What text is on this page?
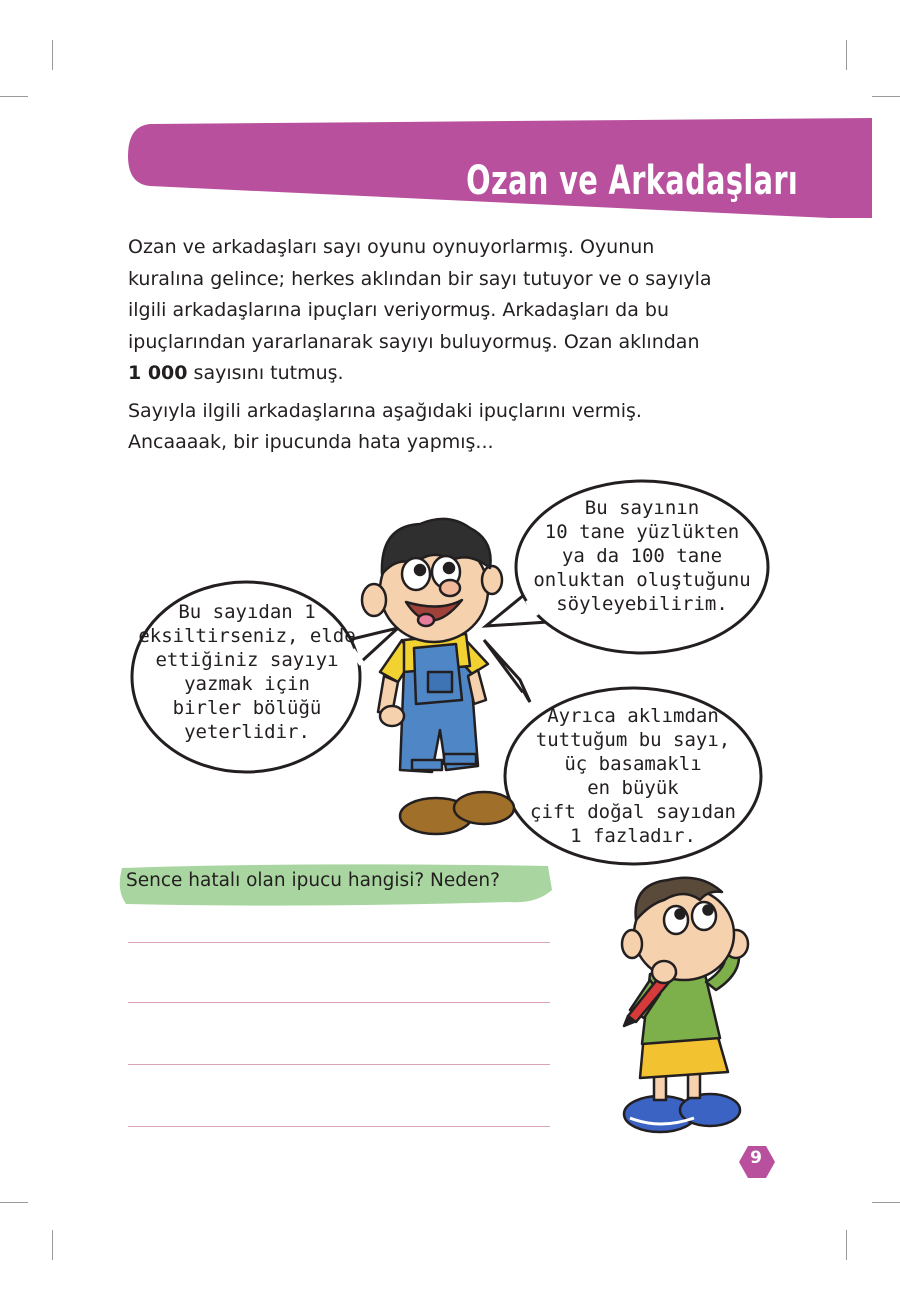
Ozan ve Arkadaşları

Ozan ve arkadaşları sayı oyunu oynuyorlarmış. Oyunun
kuralına gelince; herkes aklından bir sayı tutuyor ve o sayıyla
ilgili arkadaşlarına ipuçları veriyormuş. Arkadaşları da bu
ipuçlarından yararlanarak sayıyı buluyormuş. Ozan aklından
1 000 sayısını tutmuş.

Sayıyla ilgili arkadaşlarına aşağıdaki ipuçlarını vermiş.
Ancaaaak, bir ipucunda hata yapmış...

Bu sayıdan 1
eksiltirseniz, elde
ettiğiniz sayıyı
yazmak için
birler bölüğü
yeterlidir.
Bu sayının
10 tane yüzlükten
ya da 100 tane
onluktan oluştuğunu
söyleyebilirim.
Ayrıca aklımdan
tuttuğum bu sayı,
üç basamaklı
en büyük
çift doğal sayıdan
1 fazladır.
Sence hatalı olan ipucu hangisi? Neden?
9
